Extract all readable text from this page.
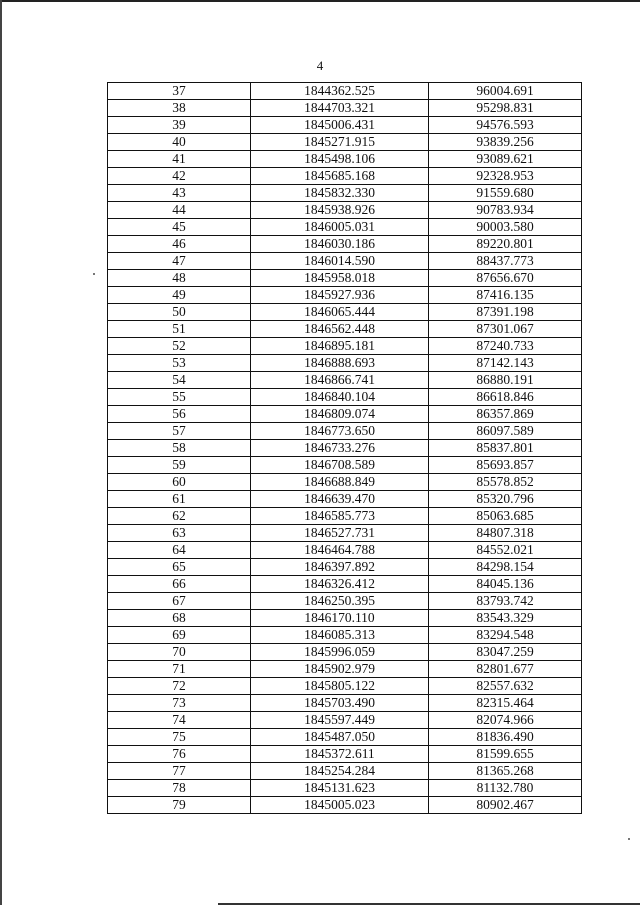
4
37	1844362.525	96004.691
38	1844703.321	95298.831
39	1845006.431	94576.593
40	1845271.915	93839.256
41	1845498.106	93089.621
42	1845685.168	92328.953
43	1845832.330	91559.680
44	1845938.926	90783.934
45	1846005.031	90003.580
46	1846030.186	89220.801
47	1846014.590	88437.773
48	1845958.018	87656.670
49	1845927.936	87416.135
50	1846065.444	87391.198
51	1846562.448	87301.067
52	1846895.181	87240.733
53	1846888.693	87142.143
54	1846866.741	86880.191
55	1846840.104	86618.846
56	1846809.074	86357.869
57	1846773.650	86097.589
58	1846733.276	85837.801
59	1846708.589	85693.857
60	1846688.849	85578.852
61	1846639.470	85320.796
62	1846585.773	85063.685
63	1846527.731	84807.318
64	1846464.788	84552.021
65	1846397.892	84298.154
66	1846326.412	84045.136
67	1846250.395	83793.742
68	1846170.110	83543.329
69	1846085.313	83294.548
70	1845996.059	83047.259
71	1845902.979	82801.677
72	1845805.122	82557.632
73	1845703.490	82315.464
74	1845597.449	82074.966
75	1845487.050	81836.490
76	1845372.611	81599.655
77	1845254.284	81365.268
78	1845131.623	81132.780
79	1845005.023	80902.467
